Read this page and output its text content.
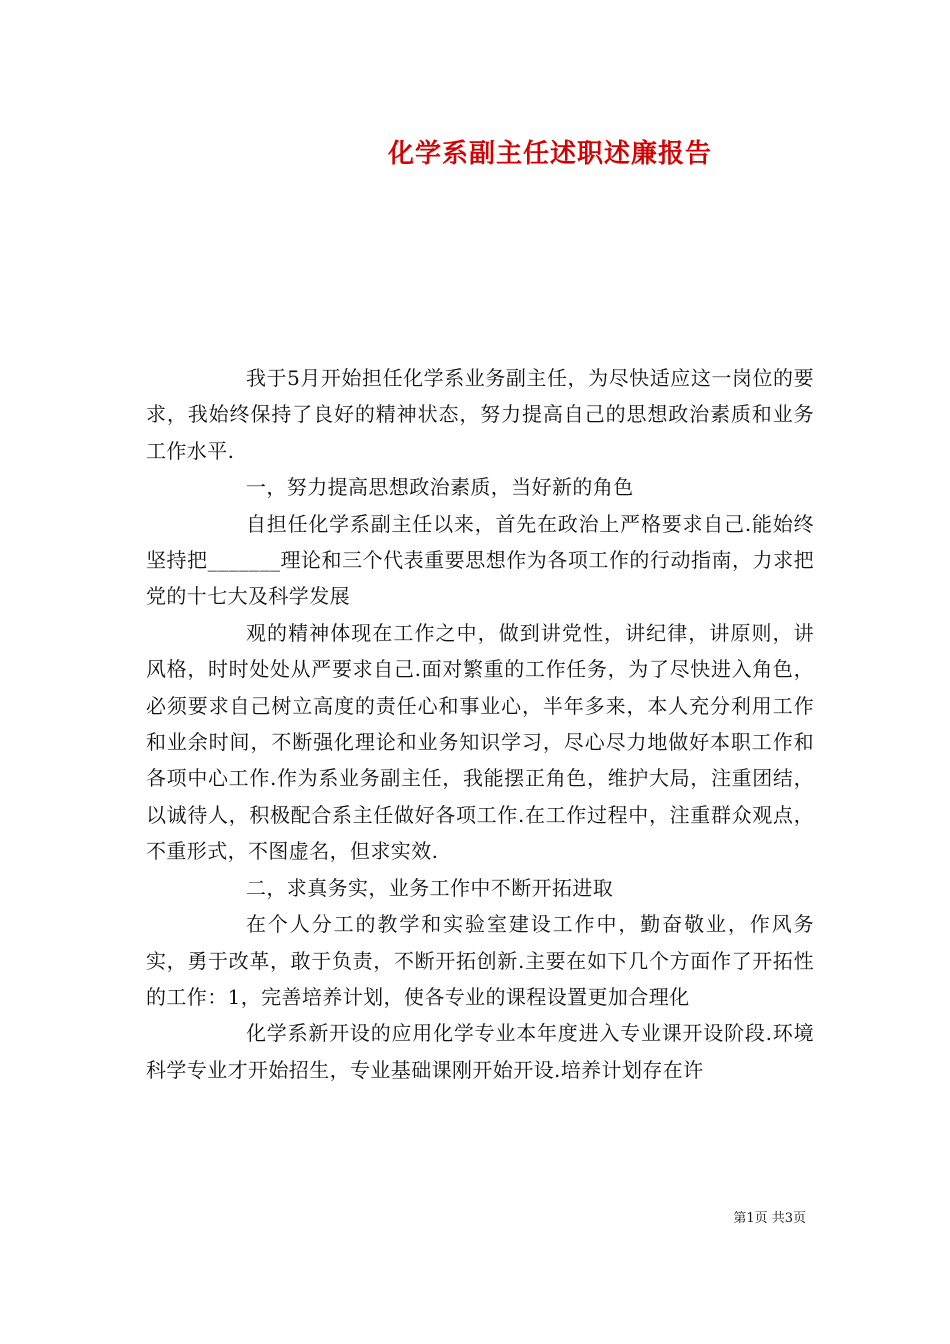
化学系副主任述职述廉报告

我于5月开始担任化学系业务副主任，为尽快适应这一岗位的要求，我始终保持了良好的精神状态，努力提高自己的思想政治素质和业务工作水平.

一，努力提高思想政治素质，当好新的角色

自担任化学系副主任以来，首先在政治上严格要求自己.能始终坚持把_______理论和三个代表重要思想作为各项工作的行动指南，力求把党的十七大及科学发展

观的精神体现在工作之中，做到讲党性，讲纪律，讲原则，讲风格，时时处处从严要求自己.面对繁重的工作任务，为了尽快进入角色，必须要求自己树立高度的责任心和事业心，半年多来，本人充分利用工作和业余时间，不断强化理论和业务知识学习，尽心尽力地做好本职工作和各项中心工作.作为系业务副主任，我能摆正角色，维护大局，注重团结，以诚待人，积极配合系主任做好各项工作.在工作过程中，注重群众观点，不重形式，不图虚名，但求实效.

二，求真务实，业务工作中不断开拓进取

在个人分工的教学和实验室建设工作中，勤奋敬业，作风务实，勇于改革，敢于负责，不断开拓创新.主要在如下几个方面作了开拓性的工作：1，完善培养计划，使各专业的课程设置更加合理化

化学系新开设的应用化学专业本年度进入专业课开设阶段.环境科学专业才开始招生，专业基础课刚开始开设.培养计划存在许

第1页 共3页
